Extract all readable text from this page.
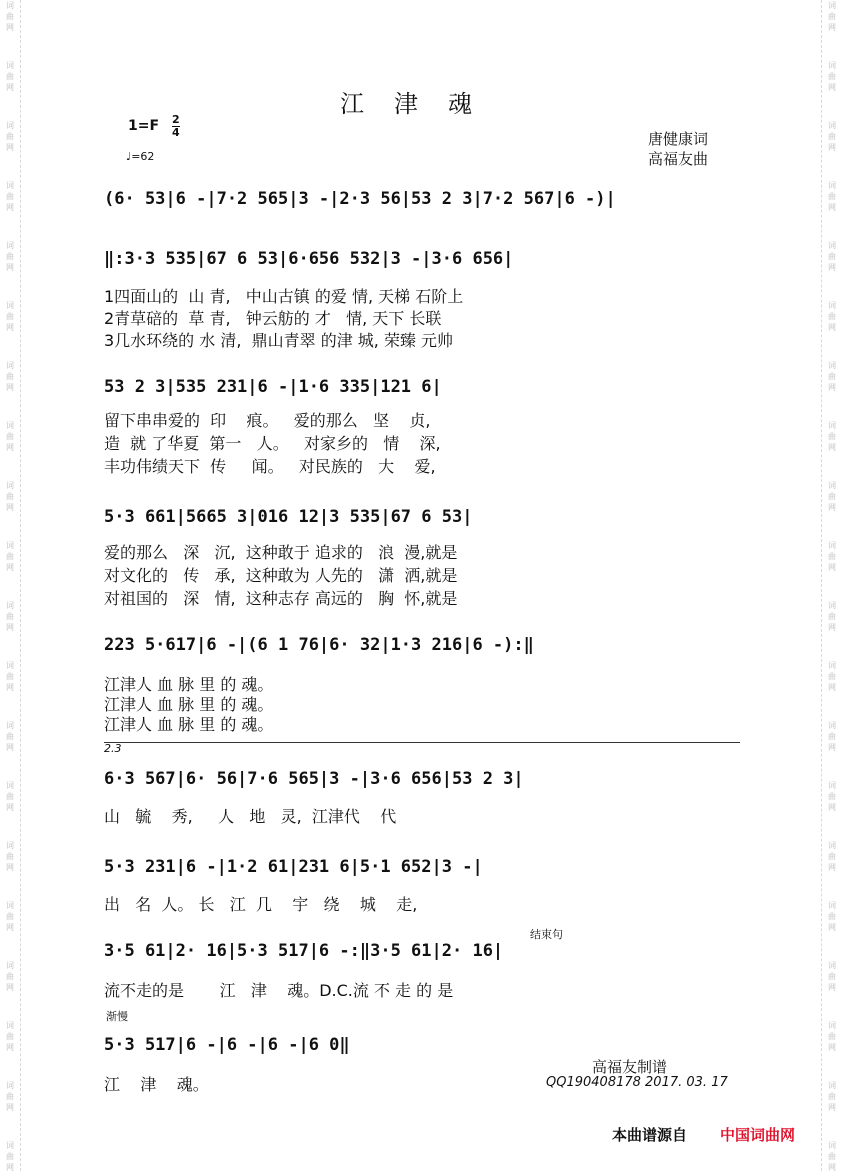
江津魂
1=F 2
4
♩=62
唐健康词
高福友曲
(6· 53|6 -|7·2 565|3 -|2·3 56|53 2 3|7·2 567|6 -)|
‖:3·3 535|67 6 53|6·656 532|3 -|3·6 656|
1四面山的  山 青,   中山古镇 的爱 情, 天梯 石阶上
2青草碚的  草 青,   钟云舫的 才   情, 天下 长联
3几水环绕的 水 清,  鼎山青翠 的津 城, 荣臻 元帅
53 2 3|535 231|6 -|1·6 335|121 6|
留下串串爱的  印    痕。   爱的那么   坚    贞,
造  就 了华夏  第一   人。   对家乡的   情    深,
丰功伟绩天下  传     闻。   对民族的   大    爱,
5·3 661|5665 3|016 12|3 535|67 6 53|
爱的那么   深   沉,  这种敢于 追求的   浪  漫,就是
对文化的   传   承,  这种敢为 人先的   潇  洒,就是
对祖国的   深   情,  这种志存 高远的   胸  怀,就是
223 5·617|6 -|(6 1 76|6· 32|1·3 216|6 -):‖
江津人 血 脉 里 的 魂。
江津人 血 脉 里 的 魂。
江津人 血 脉 里 的 魂。
2.3
6·3 567|6· 56|7·6 565|3 -|3·6 656|53 2 3|
山   毓    秀,     人   地   灵,  江津代    代
5·3 231|6 -|1·2 61|231 6|5·1 652|3 -|
出   名  人。 长   江  几    宇   绕    城    走,
结束句
3·5 61|2· 16|5·3 517|6 -:‖3·5 61|2· 16|
流不走的是       江   津    魂。D.C.流 不 走 的 是
渐慢
5·3 517|6 -|6 -|6 -|6 0‖
江    津    魂。
高福友制谱
QQ190408178 2017. 03. 17
本曲谱源自 中国词曲网
词
曲
网
词
曲
网
词
曲
网
词
曲
网
词
曲
网
词
曲
网
词
曲
网
词
曲
网
词
曲
网
词
曲
网
词
曲
网
词
曲
网
词
曲
网
词
曲
网
词
曲
网
词
曲
网
词
曲
网
词
曲
网
词
曲
网
词
曲
网
词
曲
网
词
曲
网
词
曲
网
词
曲
网
词
曲
网
词
曲
网
词
曲
网
词
曲
网
词
曲
网
词
曲
网
词
曲
网
词
曲
网
词
曲
网
词
曲
网
词
曲
网
词
曲
网
词
曲
网
词
曲
网
词
曲
网
词
曲
网
